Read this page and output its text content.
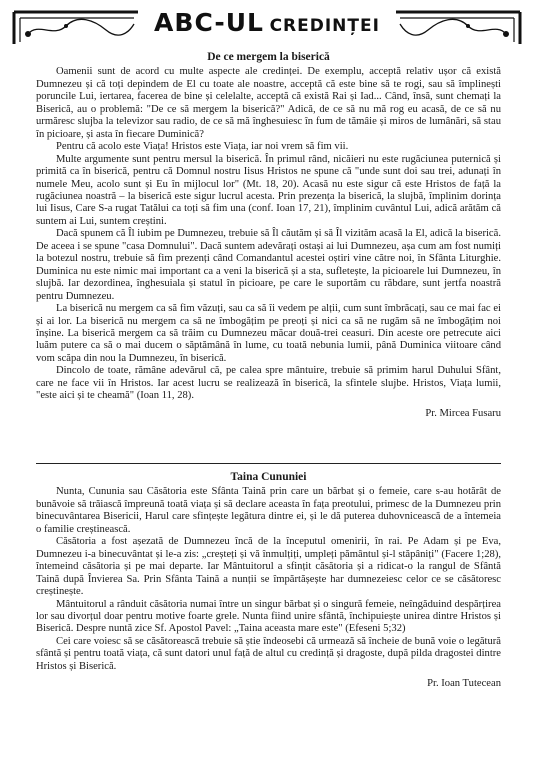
ABC-UL CREDINȚEI
De ce mergem la biserică

Oamenii sunt de acord cu multe aspecte ale credinței. De exemplu, acceptă relativ ușor că există Dumnezeu și că toți depindem de El cu toate ale noastre, acceptă că este bine să te rogi, sau să împlinești poruncile Lui, iertarea, facerea de bine și celelalte, acceptă că există Rai și Iad... Când, însă, sunt chemați la Biserică, au o problemă: "De ce să mergem la biserică?" Adică, de ce să nu mă rog eu acasă, de ce să nu urmăresc slujba la televizor sau radio, de ce să mă înghesuiesc în fum de tămâie și miros de lumânări, să stau în picioare, și asta în fiecare Duminică?

Pentru că acolo este Viața! Hristos este Viața, iar noi vrem să fim vii.

Multe argumente sunt pentru mersul la biserică. În primul rând, nicăieri nu este rugăciunea puternică și primită ca în biserică, pentru că Domnul nostru Iisus Hristos ne spune că "unde sunt doi sau trei, adunați în numele Meu, acolo sunt și Eu în mijlocul lor" (Mt. 18, 20). Acasă nu este sigur că este Hristos de față la rugăciunea noastră – la biserică este sigur lucrul acesta. Prin prezența la biserică, la slujbă, împlinim dorința lui Iisus, Care S-a rugat Tatălui ca toți să fim una (conf. Ioan 17, 21), împlinim cuvântul Lui, adică arătăm că suntem ai Lui, suntem creștini.

Dacă spunem că Îl iubim pe Dumnezeu, trebuie să Îl căutăm și să Îl vizităm acasă la El, adică la biserică. De aceea i se spune "casa Domnului". Dacă suntem adevărați ostași ai lui Dumnezeu, așa cum am fost numiți la botezul nostru, trebuie să fim prezenți când Comandantul acestei oștiri vine către noi, în Sfânta Liturghie. Duminica nu este nimic mai important ca a veni la biserică și a sta, sufletește, la picioarele lui Dumnezeu, în slujbă. Iar dezordinea, înghesuiala și statul în picioare, pe care le suportăm cu răbdare, sunt jertfa noastră pentru Dumnezeu.

La biserică nu mergem ca să fim văzuți, sau ca să îi vedem pe alții, cum sunt îmbrăcați, sau ce mai fac ei și ai lor. La biserică nu mergem ca să ne îmbogățim pe preoți și nici ca să ne rugăm să ne îmbogățim noi înșine. La biserică mergem ca să trăim cu Dumnezeu măcar două-trei ceasuri. Din aceste ore petrecute aici luăm putere ca să o mai ducem o săptămână în lume, cu toată nebunia lumii, până Duminica viitoare când vom scăpa din nou la Dumnezeu, în biserică.

Dincolo de toate, rămâne adevărul că, pe calea spre mântuire, trebuie să primim harul Duhului Sfânt, care ne face vii în Hristos. Iar acest lucru se realizează în biserică, la sfintele slujbe. Hristos, Viața lumii, "este aici și te cheamă" (Ioan 11, 28).

Pr. Mircea Fusaru
Taina Cununiei

Nunta, Cununia sau Căsătoria este Sfânta Taină prin care un bărbat și o femeie, care s-au hotărât de bunăvoie să trăiască împreună toată viața și să declare aceasta în fața preotului, primesc de la Dumnezeu prin binecuvântarea Bisericii, Harul care sfințește legătura dintre ei, și le dă puterea duhovnicească de a întemeia o familie creștinească.

Căsătoria a fost așezată de Dumnezeu încă de la începutul omenirii, în rai. Pe Adam și pe Eva, Dumnezeu i-a binecuvântat și le-a zis: „creșteți și vă înmulțiți, umpleți pământul și-l stăpâniți" (Facere 1;28), întemeind căsătoria și pe mai departe. Iar Mântuitorul a sfințit căsătoria și a ridicat-o la rangul de Sfântă Taină după Învierea Sa. Prin Sfânta Taină a nunții se împărtășește har dumnezeiesc celor ce se căsătoresc creștinește.

Mântuitorul a rânduit căsătoria numai între un singur bărbat și o singură femeie, neîngăduind despărțirea lor sau divorțul doar pentru motive foarte grele. Nunta fiind unire sfântă, închipuiește unirea dintre Hristos și Biserică. Despre nuntă zice Sf. Apostol Pavel: „Taina aceasta mare este" (Efeseni 5;32)

Cei care voiesc să se căsătorească trebuie să știe îndeosebi că urmează să încheie de bună voie o legătură sfântă și pentru toată viața, că sunt datori unul față de altul cu credință și dragoste, după pilda dragostei dintre Hristos și Biserică.

Pr. Ioan Tutecean
